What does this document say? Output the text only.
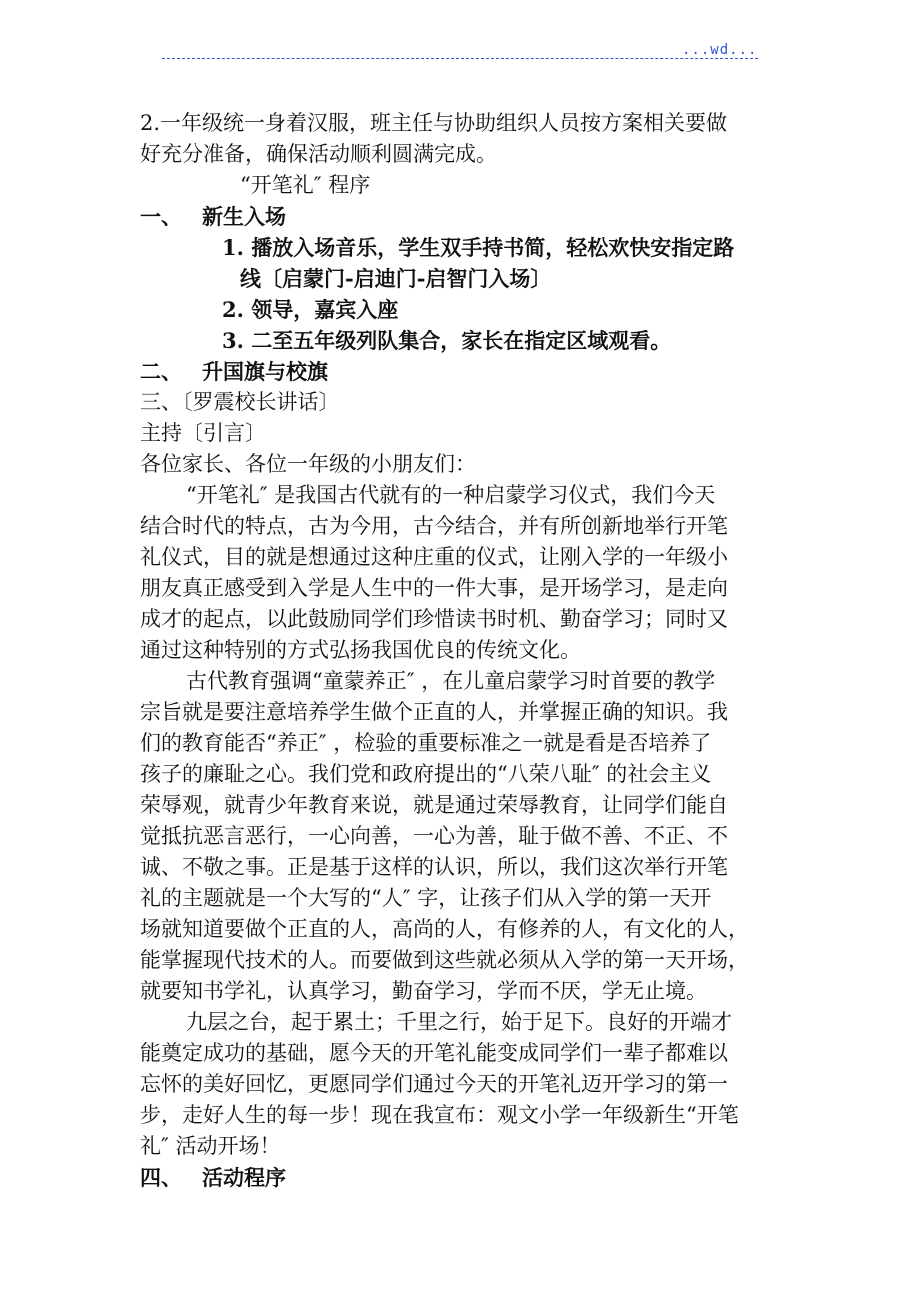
...wd...
2.一年级统一身着汉服，班主任与协助组织人员按方案相关要做
好充分准备，确保活动顺利圆满完成。
“开笔礼″ 程序
一、 新生入场
1. 播放入场音乐，学生双手持书简，轻松欢快安指定路
线〔启蒙门-启迪门-启智门入场〕
2. 领导，嘉宾入座
3. 二至五年级列队集合，家长在指定区域观看。
二、 升国旗与校旗
三、〔罗震校长讲话〕
主持〔引言〕
各位家长、各位一年级的小朋友们：
“开笔礼″ 是我国古代就有的一种启蒙学习仪式，我们今天
结合时代的特点，古为今用，古今结合，并有所创新地举行开笔
礼仪式，目的就是想通过这种庄重的仪式，让刚入学的一年级小
朋友真正感受到入学是人生中的一件大事，是开场学习，是走向
成才的起点，以此鼓励同学们珍惜读书时机、勤奋学习；同时又
通过这种特别的方式弘扬我国优良的传统文化。
古代教育强调“童蒙养正″ ，在儿童启蒙学习时首要的教学
宗旨就是要注意培养学生做个正直的人，并掌握正确的知识。我
们的教育能否“养正″ ，检验的重要标准之一就是看是否培养了
孩子的廉耻之心。我们党和政府提出的“八荣八耻″ 的社会主义
荣辱观，就青少年教育来说，就是通过荣辱教育，让同学们能自
觉抵抗恶言恶行，一心向善，一心为善，耻于做不善、不正、不
诚、不敬之事。正是基于这样的认识，所以，我们这次举行开笔
礼的主题就是一个大写的“人″ 字，让孩子们从入学的第一天开
场就知道要做个正直的人，高尚的人，有修养的人，有文化的人，
能掌握现代技术的人。而要做到这些就必须从入学的第一天开场，
就要知书学礼，认真学习，勤奋学习，学而不厌，学无止境。
九层之台，起于累土；千里之行，始于足下。良好的开端才
能奠定成功的基础，愿今天的开笔礼能变成同学们一辈子都难以
忘怀的美好回忆，更愿同学们通过今天的开笔礼迈开学习的第一
步，走好人生的每一步！现在我宣布：观文小学一年级新生“开笔
礼″ 活动开场！
四、 活动程序
